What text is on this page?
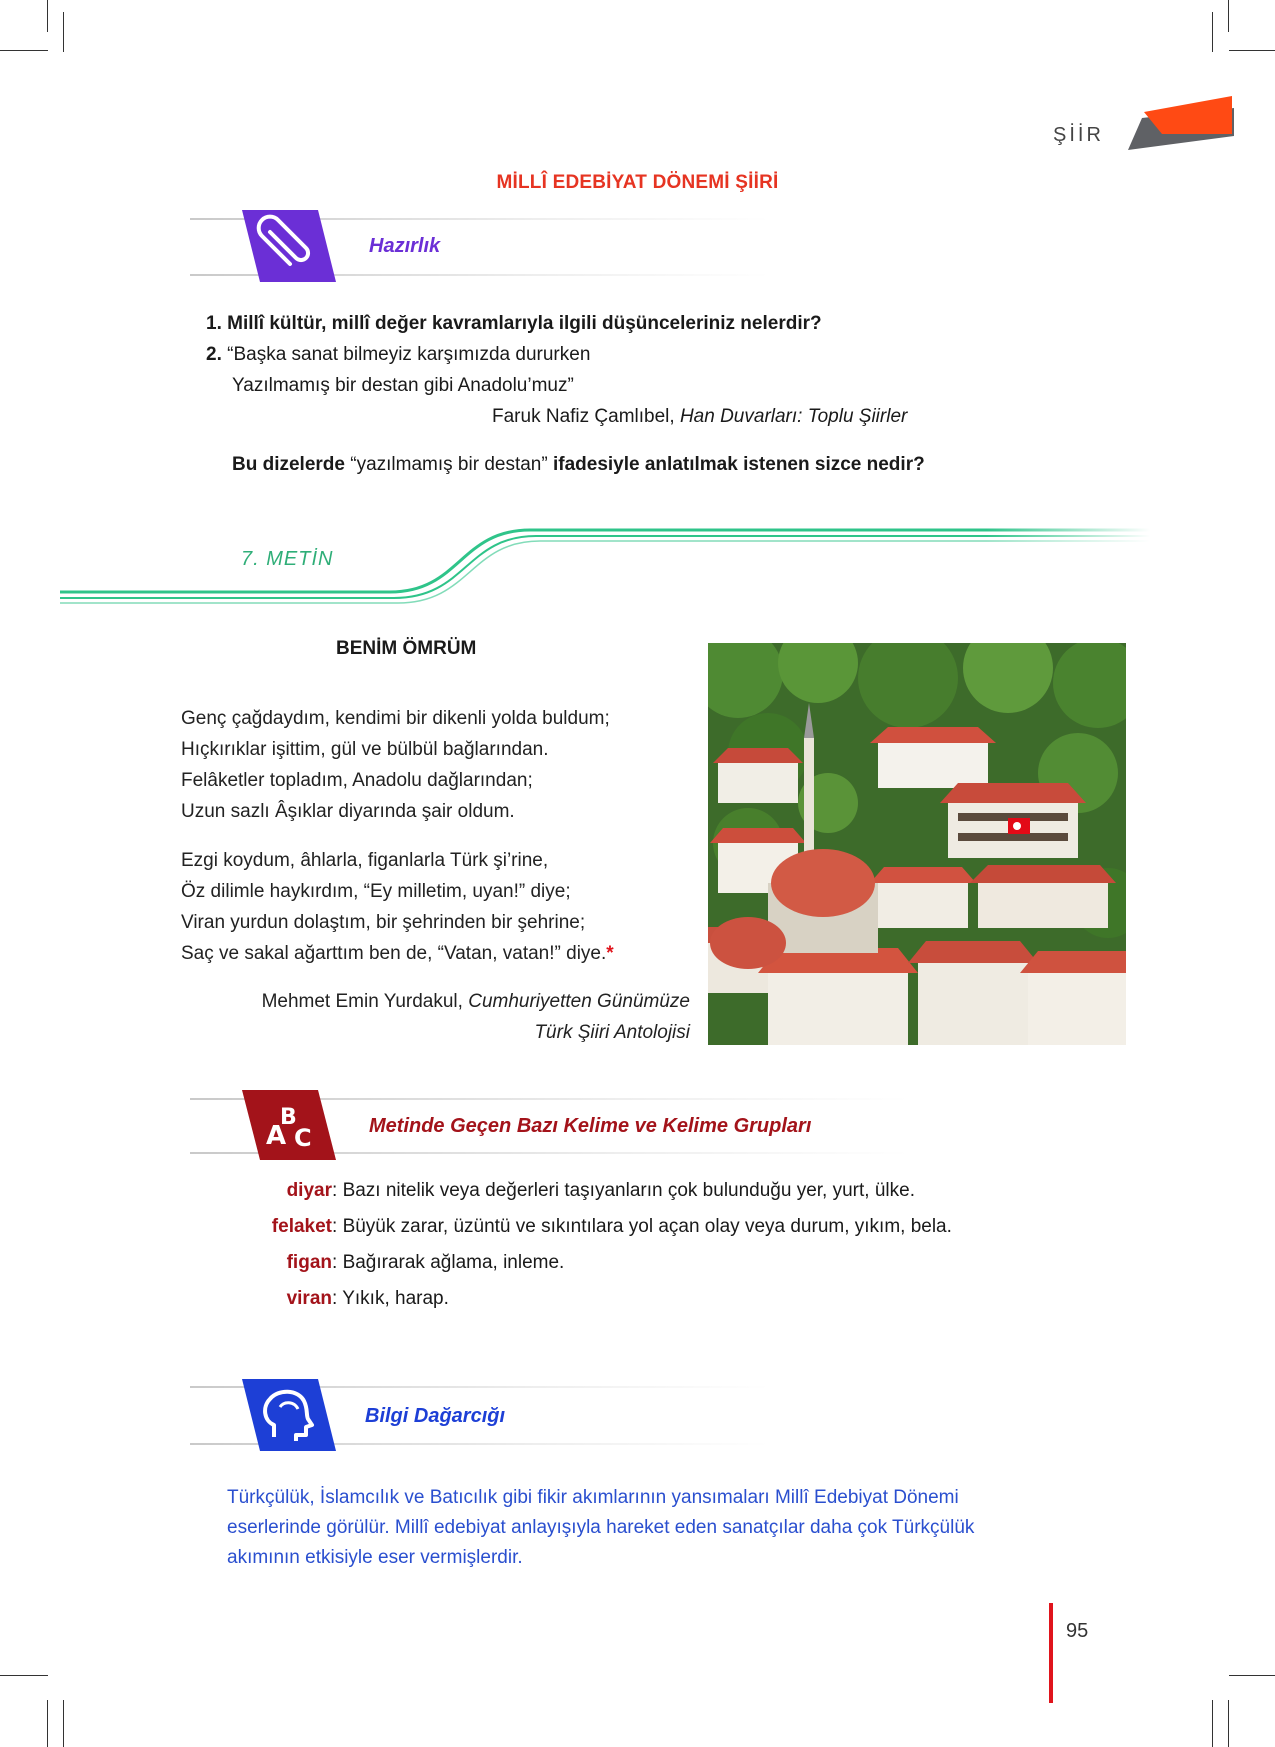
ŞİİR
MİLLÎ EDEBİYAT DÖNEMİ ŞİİRİ
Hazırlık
1. Millî kültür, millî değer kavramlarıyla ilgili düşünceleriniz nelerdir?
2. “Başka sanat bilmeyiz karşımızda dururken
Yazılmamış bir destan gibi Anadolu’muz”
Faruk Nafiz Çamlıbel, Han Duvarları: Toplu Şiirler
Bu dizelerde “yazılmamış bir destan” ifadesiyle anlatılmak istenen sizce nedir?
7. METİN
BENİM ÖMRÜM
Genç çağdaydım, kendimi bir dikenli yolda buldum;
Hıçkırıklar işittim, gül ve bülbül bağlarından.
Felâketler topladım, Anadolu dağlarından;
Uzun sazlı Âşıklar diyarında şair oldum.
Ezgi koydum, âhlarla, figanlarla Türk şi’rine,
Öz dilimle haykırdım, “Ey milletim, uyan!” diye;
Viran yurdun dolaştım, bir şehrinden bir şehrine;
Saç ve sakal ağarttım ben de, “Vatan, vatan!” diye.*
Mehmet Emin Yurdakul, Cumhuriyetten Günümüze
Türk Şiiri Antolojisi
A
B
C	Metinde Geçen Bazı Kelime ve Kelime Grupları
diyar: Bazı nitelik veya değerleri taşıyanların çok bulunduğu yer, yurt, ülke.
felaket: Büyük zarar, üzüntü ve sıkıntılara yol açan olay veya durum, yıkım, bela.
figan: Bağırarak ağlama, inleme.
viran: Yıkık, harap.
Bilgi Dağarcığı
Türkçülük, İslamcılık ve Batıcılık gibi fikir akımlarının yansımaları Millî Edebiyat Dönemi
eserlerinde görülür. Millî edebiyat anlayışıyla hareket eden sanatçılar daha çok Türkçülük
akımının etkisiyle eser vermişlerdir.
95
